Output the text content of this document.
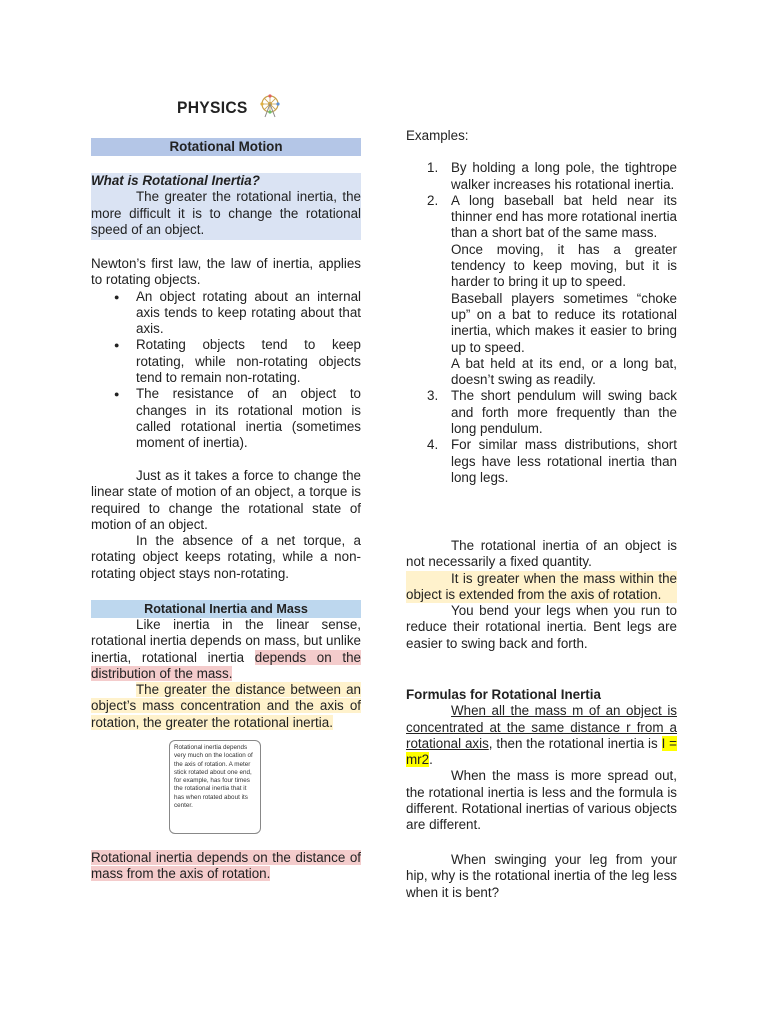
PHYSICS
Rotational Motion
What is Rotational Inertia?

The greater the rotational inertia, the more difficult it is to change the rotational speed of an object.

Newton’s first law, the law of inertia, applies to rotating objects.

● An object rotating about an internal axis tends to keep rotating about that axis.
● Rotating objects tend to keep rotating, while non-rotating objects tend to remain non-rotating.
● The resistance of an object to changes in its rotational motion is called rotational inertia (sometimes moment of inertia).

Just as it takes a force to change the linear state of motion of an object, a torque is required to change the rotational state of motion of an object.

In the absence of a net torque, a rotating object keeps rotating, while a non-rotating object stays non-rotating.

Rotational Inertia and Mass

Like inertia in the linear sense, rotational inertia depends on mass, but unlike inertia, rotational inertia depends on the distribution of the mass.

The greater the distance between an object’s mass concentration and the axis of rotation, the greater the rotational inertia.

Rotational inertia depends very much on the location of the axis of rotation. A meter stick rotated about one end, for example, has four times the rotational inertia that it has when rotated about its center.

Rotational inertia depends on the distance of mass from the axis of rotation.

Examples:
1. By holding a long pole, the tightrope walker increases his rotational inertia.
2. A long baseball bat held near its thinner end has more rotational inertia than a short bat of the same mass.
Once moving, it has a greater tendency to keep moving, but it is harder to bring it up to speed.
Baseball players sometimes “choke up” on a bat to reduce its rotational inertia, which makes it easier to bring up to speed.
A bat held at its end, or a long bat, doesn’t swing as readily.
3. The short pendulum will swing back and forth more frequently than the long pendulum.
4. For similar mass distributions, short legs have less rotational inertia than long legs.

The rotational inertia of an object is not necessarily a fixed quantity.

It is greater when the mass within the object is extended from the axis of rotation.

You bend your legs when you run to reduce their rotational inertia. Bent legs are easier to swing back and forth.

Formulas for Rotational Inertia

When all the mass m of an object is concentrated at the same distance r from a rotational axis, then the rotational inertia is I = mr2.

When the mass is more spread out, the rotational inertia is less and the formula is different. Rotational inertias of various objects are different.

When swinging your leg from your hip, why is the rotational inertia of the leg less when it is bent?
